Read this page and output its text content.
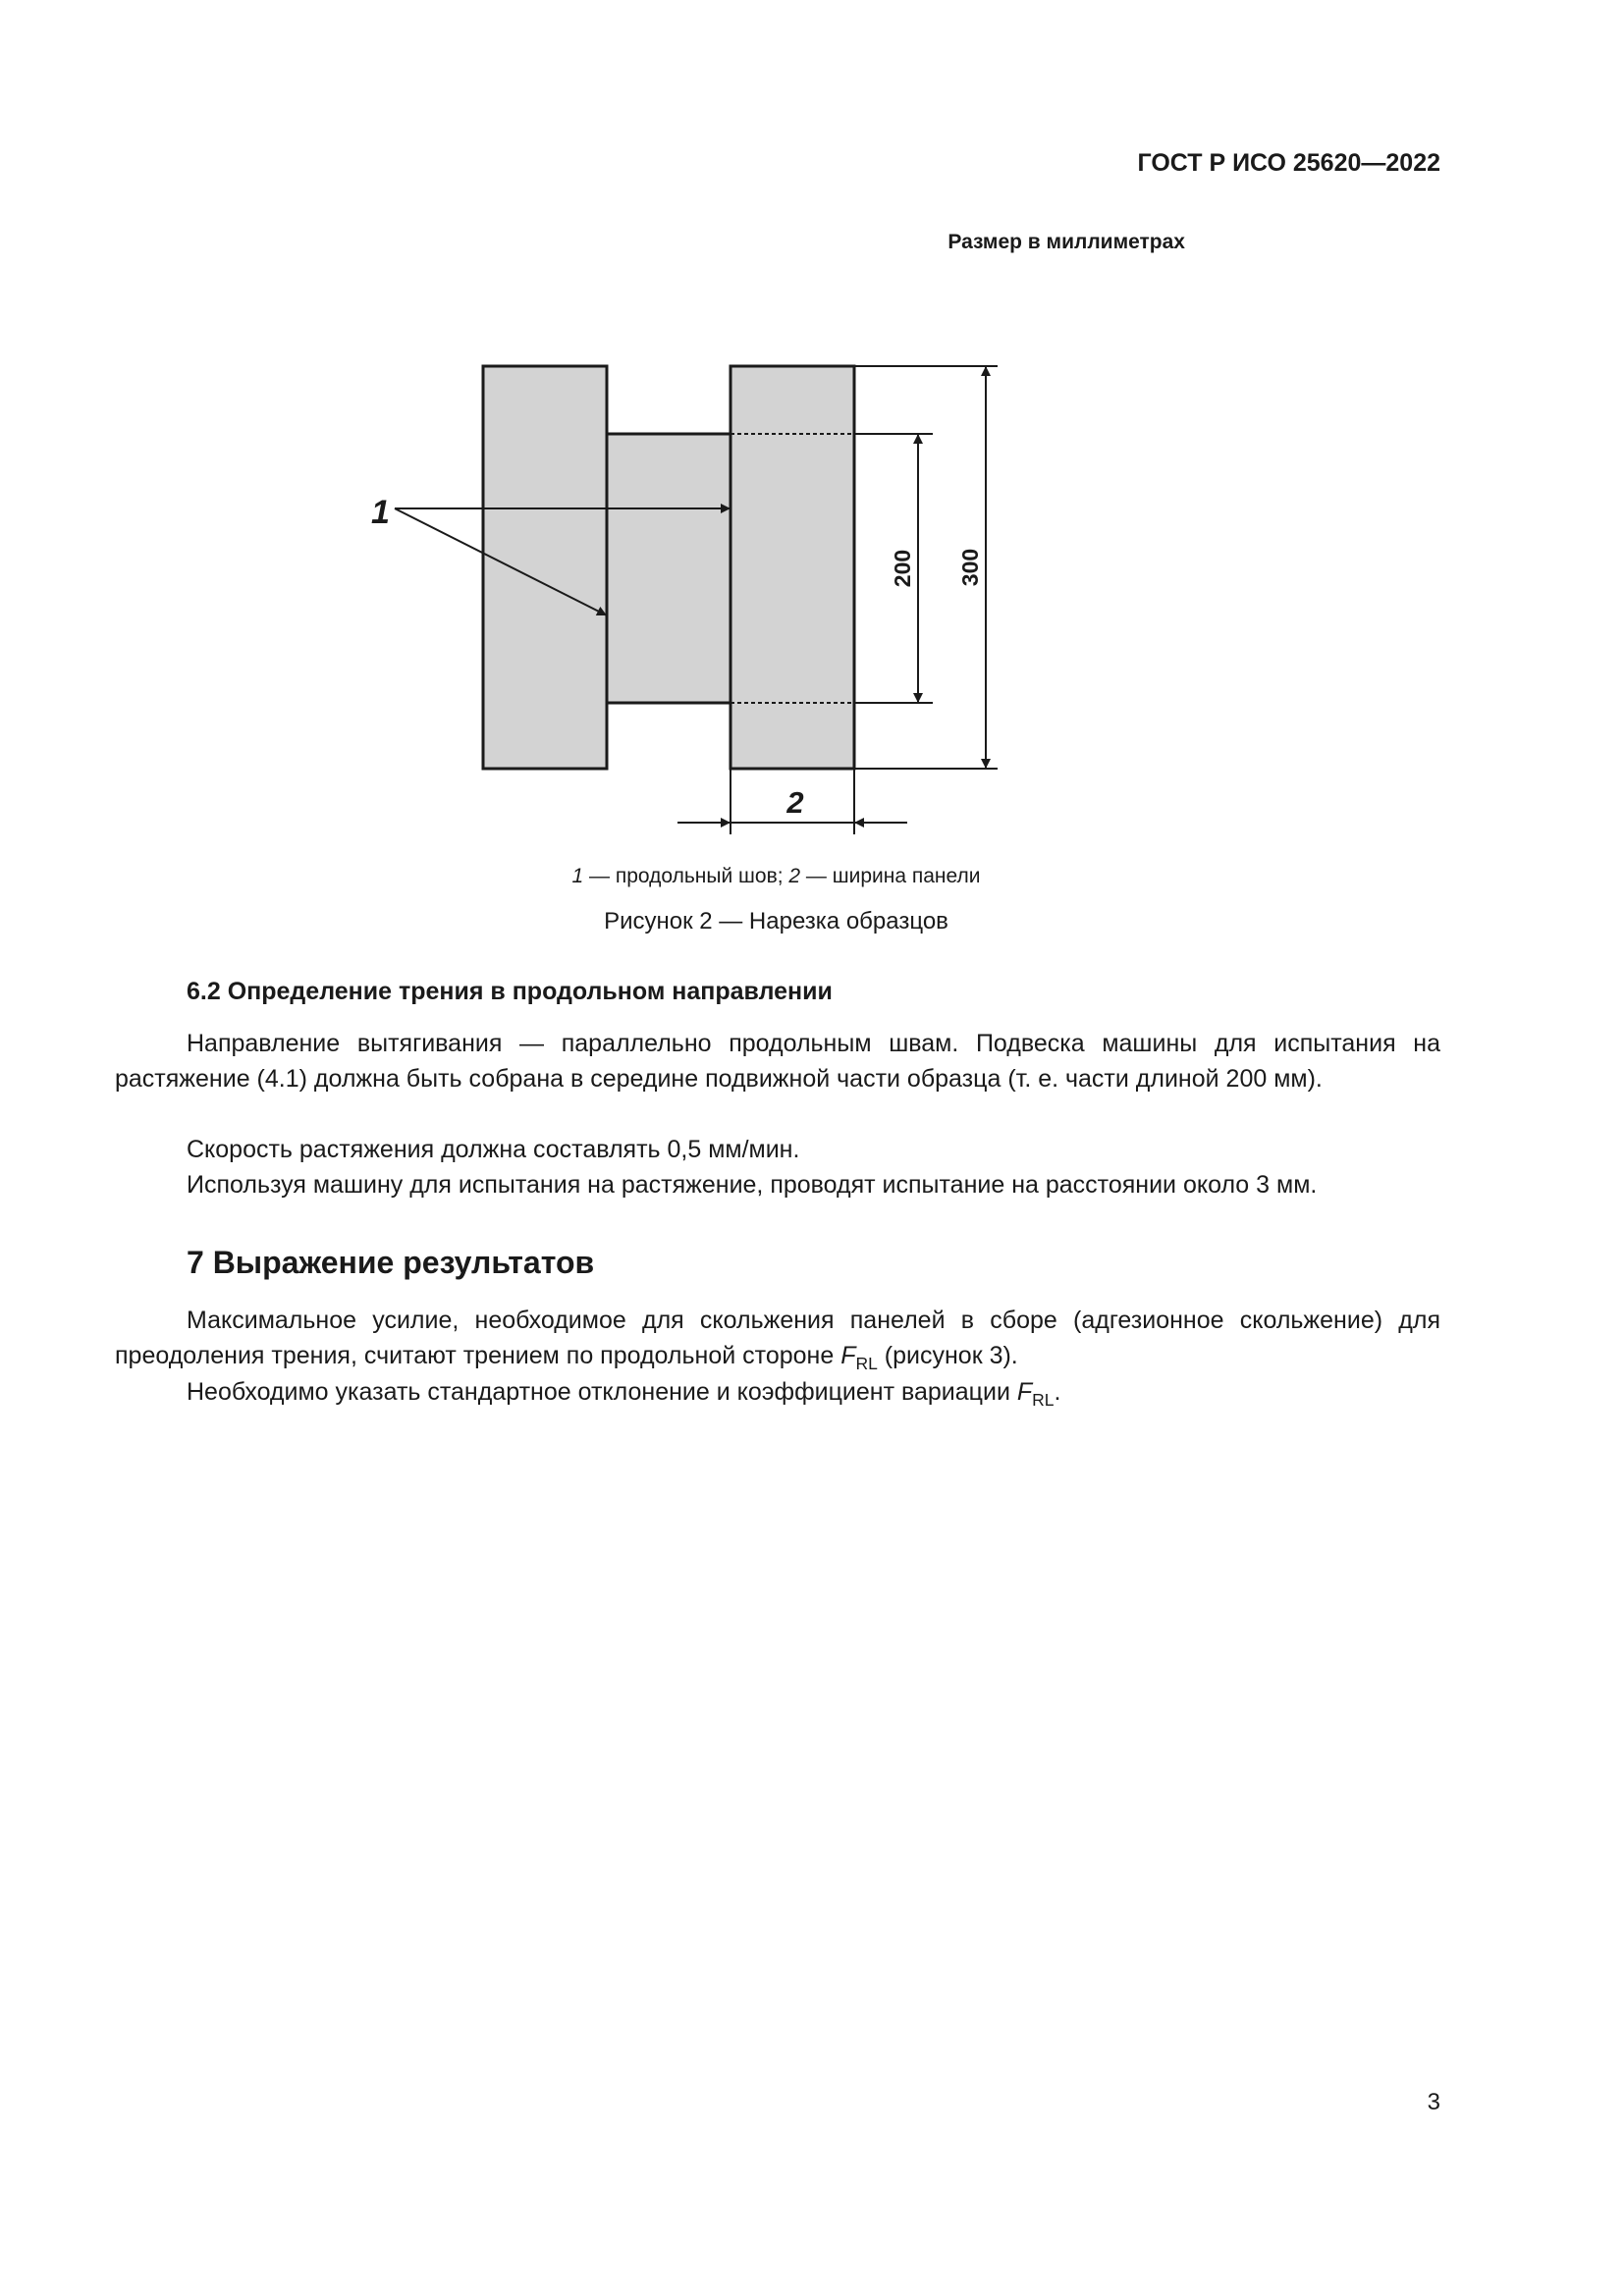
ГОСТ Р ИСО 25620—2022
Размер в миллиметрах
200 300
2
1
1 — продольный шов; 2 — ширина панели
Рисунок 2 — Нарезка образцов
6.2 Определение трения в продольном направлении
Направление вытягивания — параллельно продольным швам. Подвеска машины для испытания на растяжение (4.1) должна быть собрана в середине подвижной части образца (т. е. части длиной 200 мм).
Скорость растяжения должна составлять 0,5 мм/мин.
Используя машину для испытания на растяжение, проводят испытание на расстоянии около 3 мм.
7 Выражение результатов
Максимальное усилие, необходимое для скольжения панелей в сборе (адгезионное скольжение) для преодоления трения, считают трением по продольной стороне $F_{RL}$ (рисунок 3).
Необходимо указать стандартное отклонение и коэффициент вариации $F_{RL}$.
3
